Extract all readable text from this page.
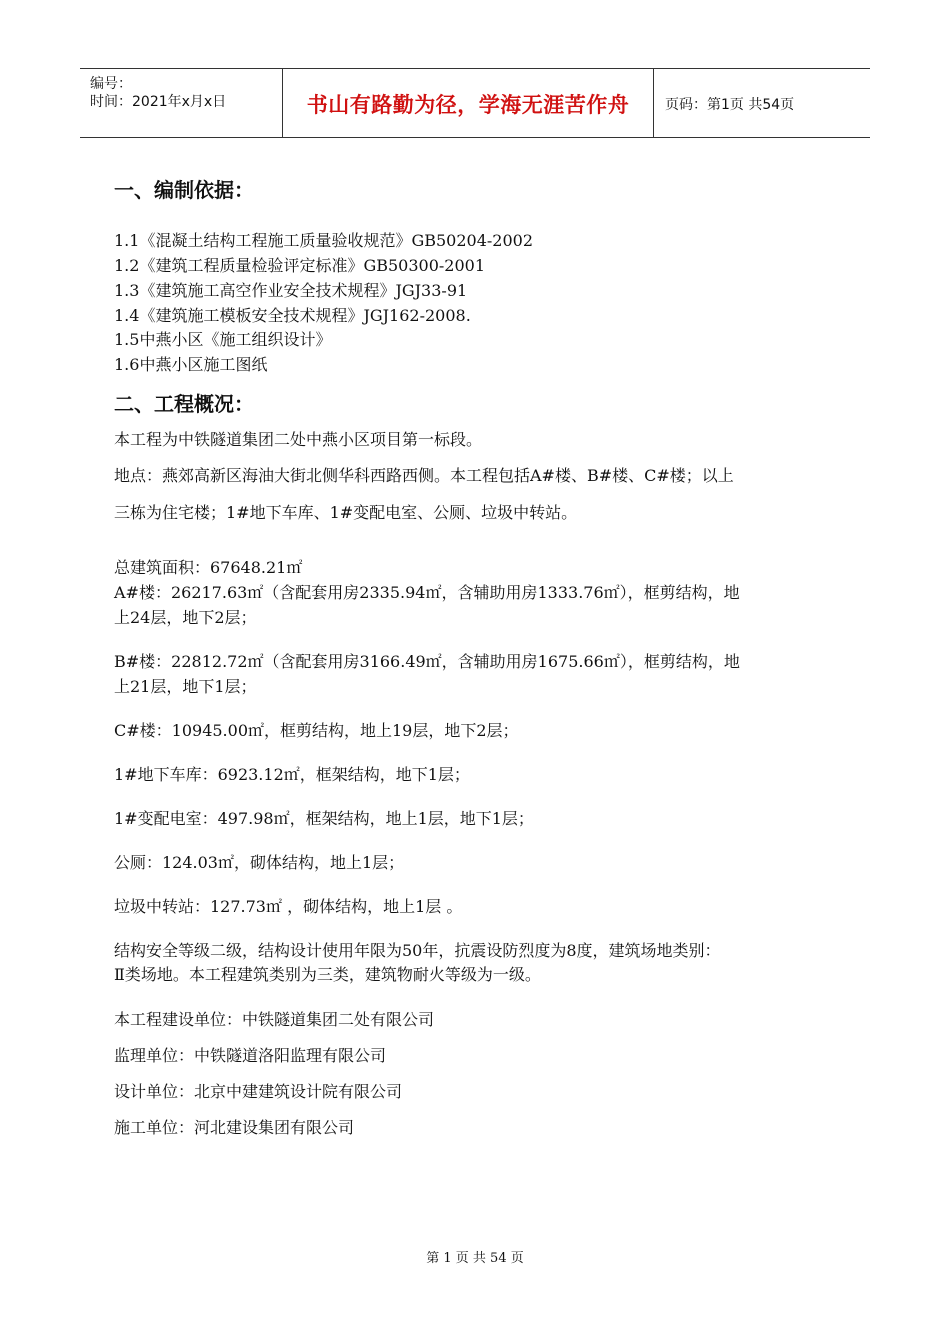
编号：
时间：2021年x月x日	书山有路勤为径，学海无涯苦作舟	页码：第1页 共54页
一、编制依据：
1.1《混凝土结构工程施工质量验收规范》GB50204-2002
1.2《建筑工程质量检验评定标准》GB50300-2001
1.3《建筑施工高空作业安全技术规程》JGJ33-91
1.4《建筑施工模板安全技术规程》JGJ162-2008.
1.5中燕小区《施工组织设计》
1.6中燕小区施工图纸
二、工程概况：
本工程为中铁隧道集团二处中燕小区项目第一标段。
地点：燕郊高新区海油大街北侧华科西路西侧。本工程包括A#楼、B#楼、C#楼；以上
三栋为住宅楼；1#地下车库、1#变配电室、公厕、垃圾中转站。
总建筑面积：67648.21㎡
A#楼：26217.63㎡（含配套用房2335.94㎡，含辅助用房1333.76㎡），框剪结构，地
上24层，地下2层；
B#楼：22812.72㎡（含配套用房3166.49㎡，含辅助用房1675.66㎡），框剪结构，地
上21层，地下1层；
C#楼：10945.00㎡，框剪结构，地上19层，地下2层；
1#地下车库：6923.12㎡，框架结构，地下1层；
1#变配电室：497.98㎡，框架结构，地上1层，地下1层；
公厕：124.03㎡，砌体结构，地上1层；
垃圾中转站：127.73㎡ ，砌体结构，地上1层 。
结构安全等级二级，结构设计使用年限为50年，抗震设防烈度为8度，建筑场地类别：
Ⅱ类场地。本工程建筑类别为三类，建筑物耐火等级为一级。
本工程建设单位：中铁隧道集团二处有限公司
监理单位：中铁隧道洛阳监理有限公司
设计单位：北京中建建筑设计院有限公司
施工单位：河北建设集团有限公司
第 1 页 共 54 页
